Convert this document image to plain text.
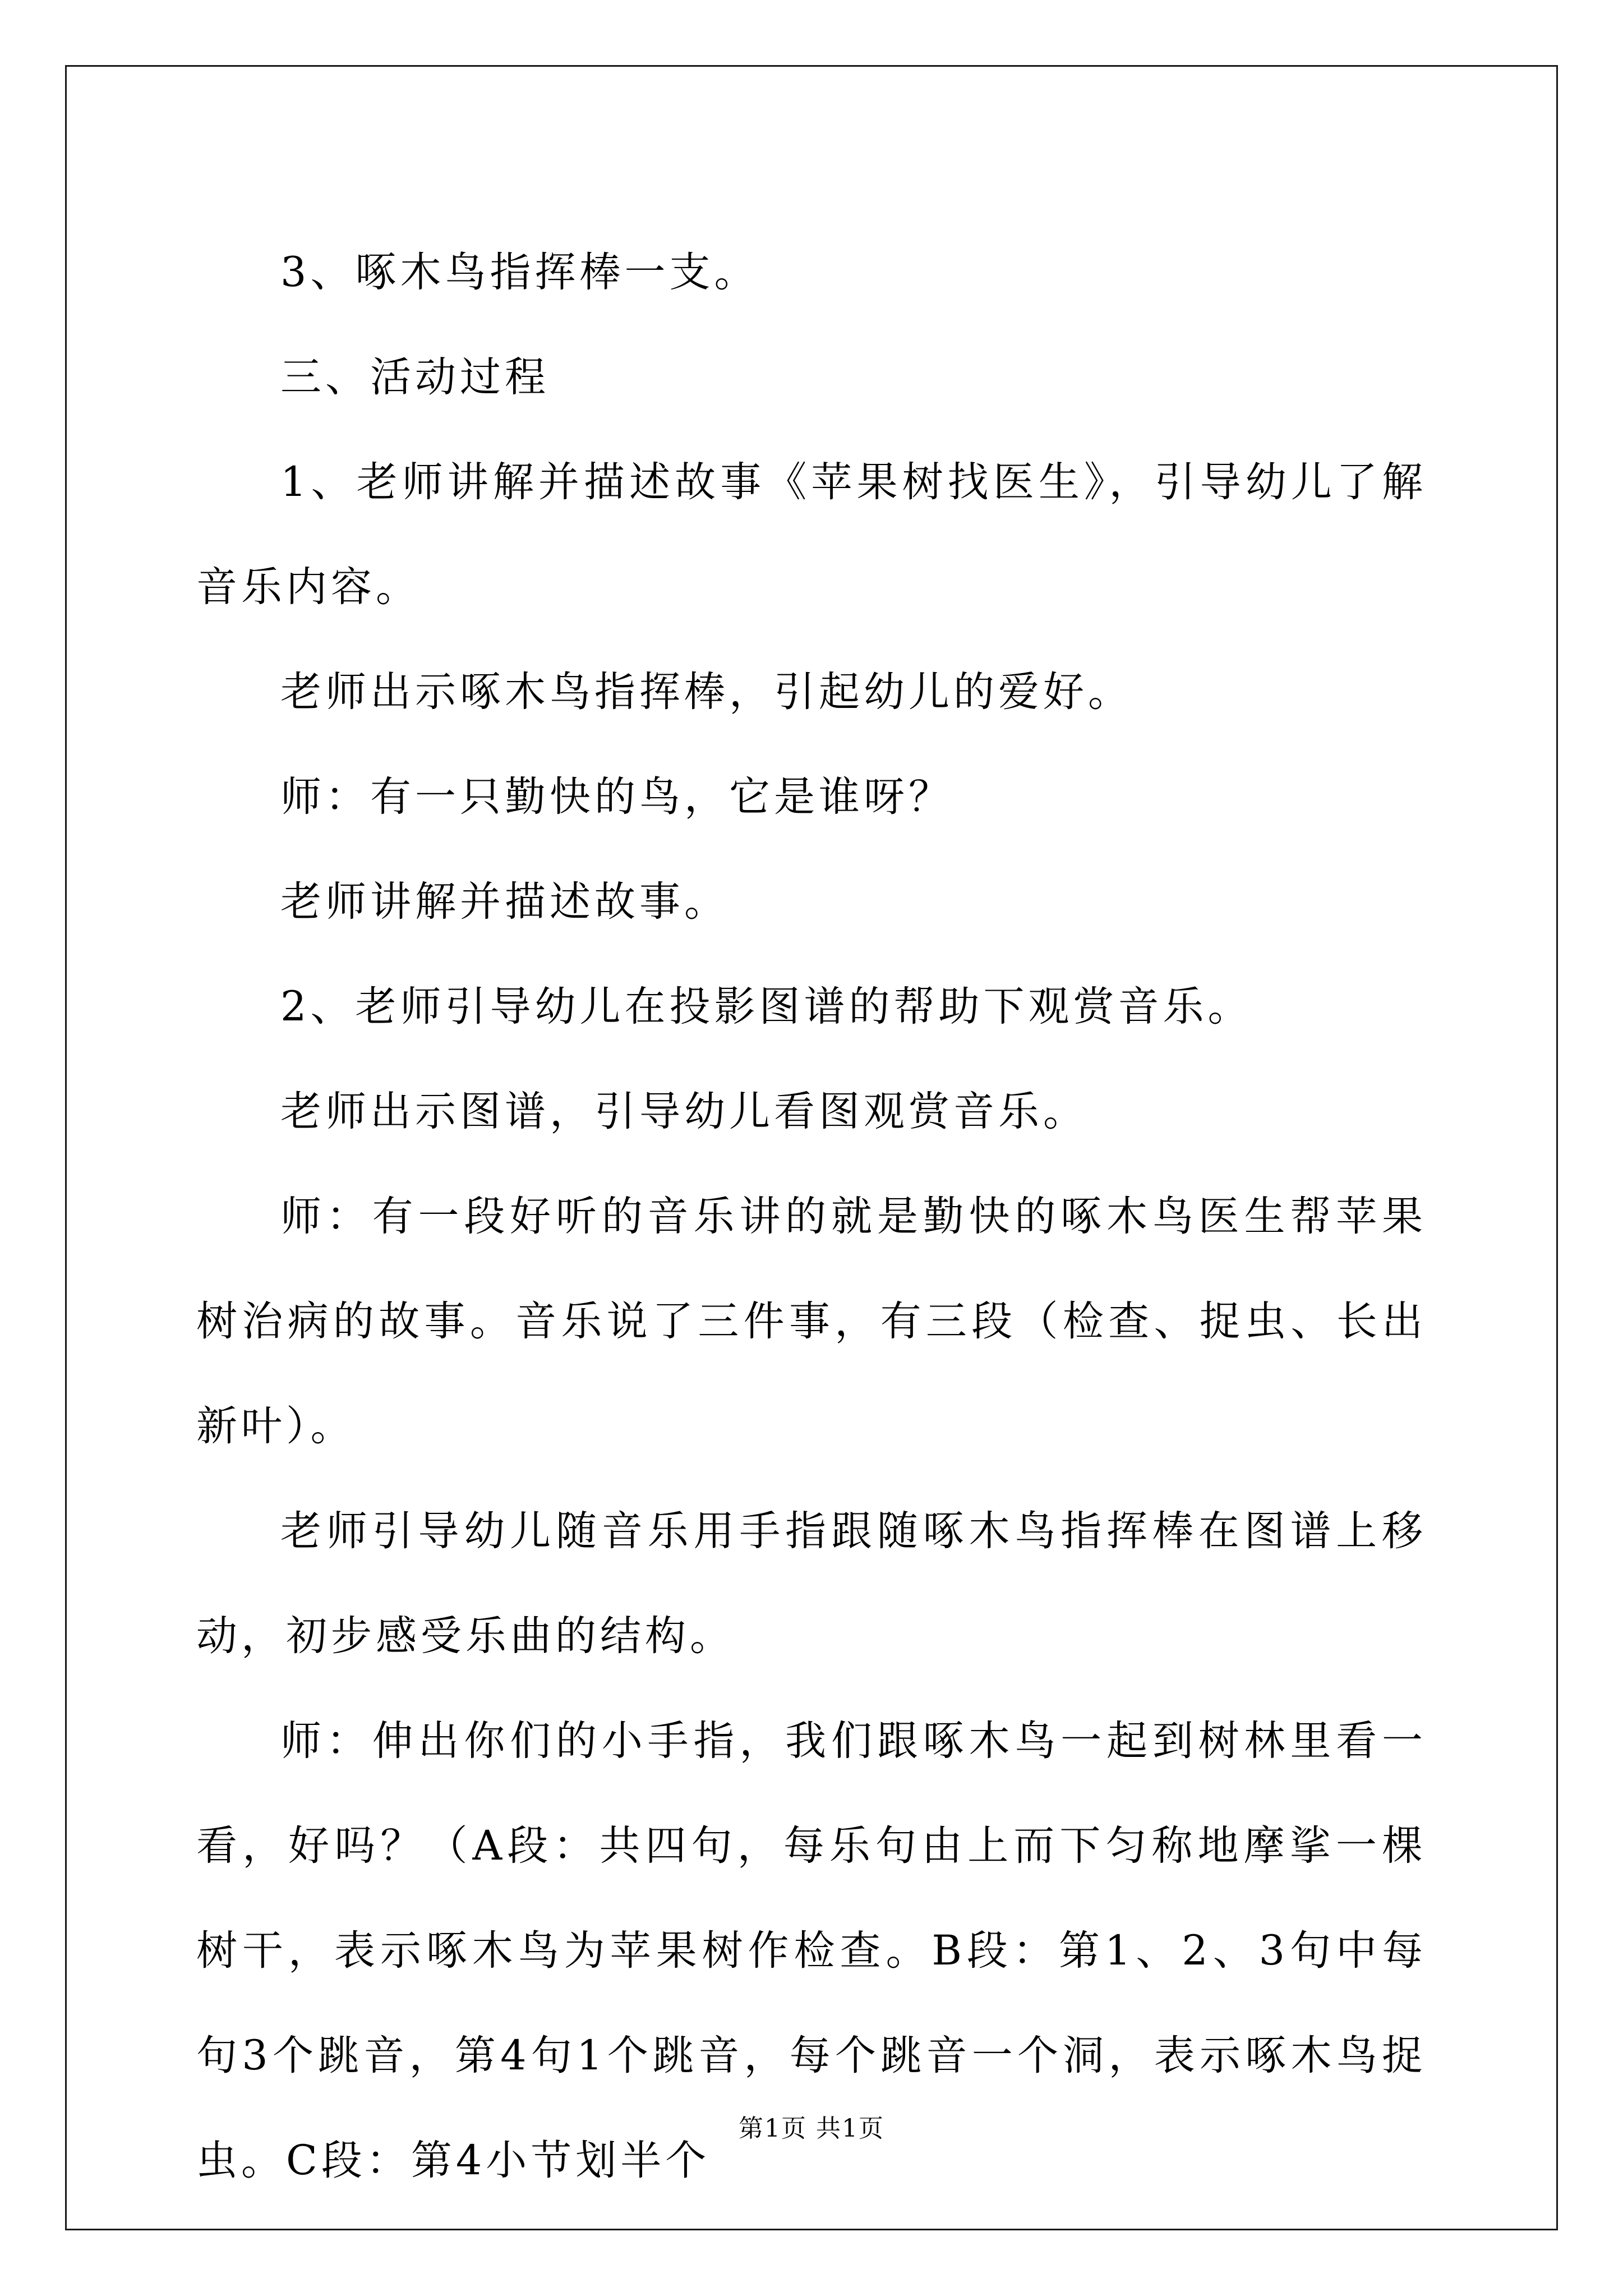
3、啄木鸟指挥棒一支。

三、活动过程

1、老师讲解并描述故事《苹果树找医生》，引导幼儿了解音乐内容。

老师出示啄木鸟指挥棒，引起幼儿的爱好。

师：有一只勤快的鸟，它是谁呀？

老师讲解并描述故事。

2、老师引导幼儿在投影图谱的帮助下观赏音乐。

老师出示图谱，引导幼儿看图观赏音乐。

师：有一段好听的音乐讲的就是勤快的啄木鸟医生帮苹果树治病的故事。音乐说了三件事，有三段（检查、捉虫、长出新叶）。

老师引导幼儿随音乐用手指跟随啄木鸟指挥棒在图谱上移动，初步感受乐曲的结构。

师：伸出你们的小手指，我们跟啄木鸟一起到树林里看一看，好吗？（A段：共四句，每乐句由上而下匀称地摩挲一棵树干，表示啄木鸟为苹果树作检查。B段：第1、2、3句中每句3个跳音，第4句1个跳音，每个跳音一个洞，表示啄木鸟捉虫。C段：第4小节划半个

第1页 共1页
